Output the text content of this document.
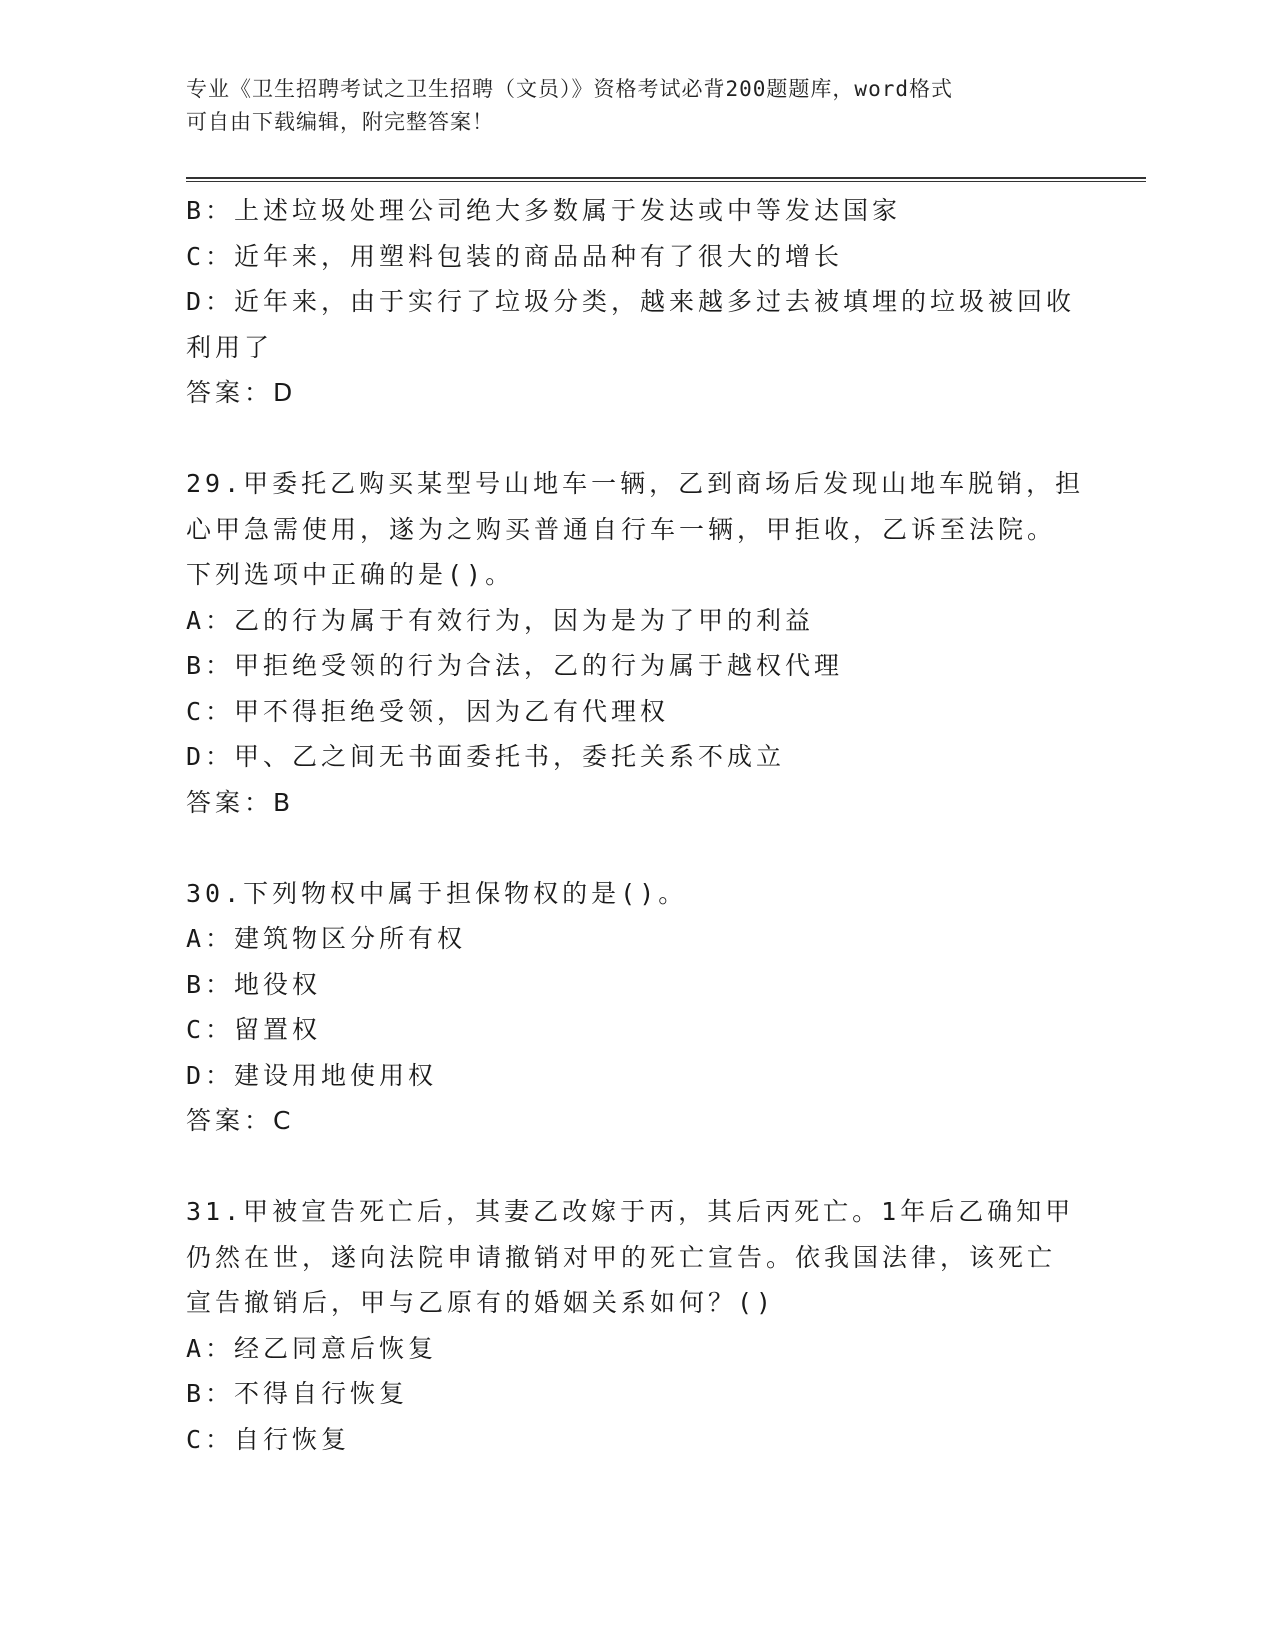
专业《卫生招聘考试之卫生招聘（文员）》资格考试必背200题题库，word格式
可自由下载编辑，附完整答案！
B：上述垃圾处理公司绝大多数属于发达或中等发达国家
C：近年来，用塑料包装的商品品种有了很大的增长
D：近年来，由于实行了垃圾分类，越来越多过去被填埋的垃圾被回收
利用了
答案：D
29.甲委托乙购买某型号山地车一辆，乙到商场后发现山地车脱销，担
心甲急需使用，遂为之购买普通自行车一辆，甲拒收，乙诉至法院。
下列选项中正确的是()。
A：乙的行为属于有效行为，因为是为了甲的利益
B：甲拒绝受领的行为合法，乙的行为属于越权代理
C：甲不得拒绝受领，因为乙有代理权
D：甲、乙之间无书面委托书，委托关系不成立
答案：B
30.下列物权中属于担保物权的是()。
A：建筑物区分所有权
B：地役权
C：留置权
D：建设用地使用权
答案：C
31.甲被宣告死亡后，其妻乙改嫁于丙，其后丙死亡。1年后乙确知甲
仍然在世，遂向法院申请撤销对甲的死亡宣告。依我国法律，该死亡
宣告撤销后，甲与乙原有的婚姻关系如何？()
A：经乙同意后恢复
B：不得自行恢复
C：自行恢复
